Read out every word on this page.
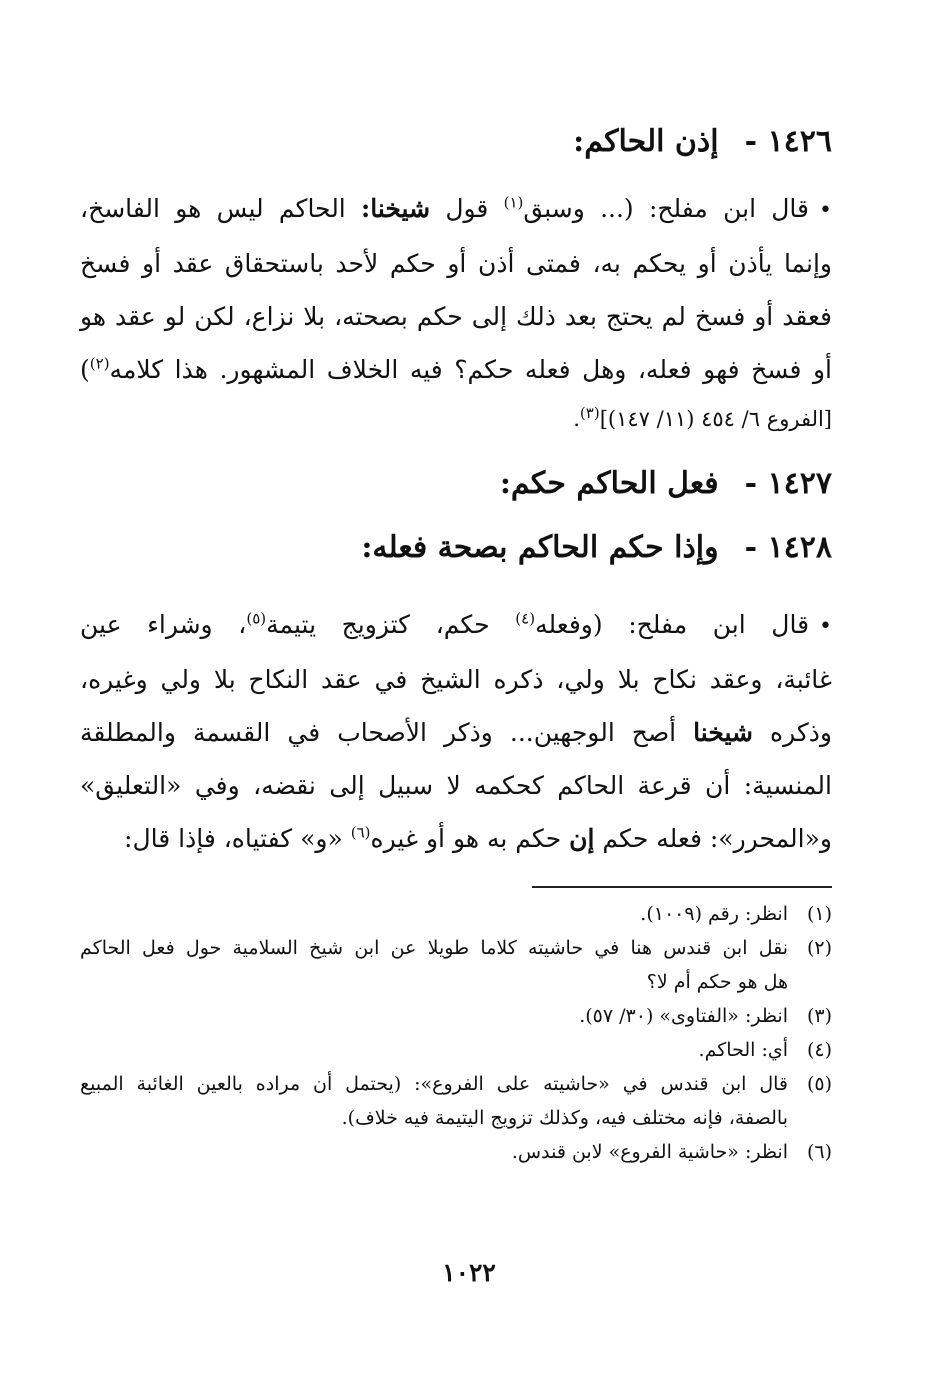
١٤٢٦ -إذن الحاكم:
•قال ابن مفلح: (... وسبق$^{(١)}$ قول شيخنا: الحاكم ليس هو الفاسخ،
وإنما يأذن أو يحكم به، فمتى أذن أو حكم لأحد باستحقاق عقد أو فسخ
فعقد أو فسخ لم يحتج بعد ذلك إلى حكم بصحته، بلا نزاع، لكن لو عقد هو
أو فسخ فهو فعله، وهل فعله حكم؟ فيه الخلاف المشهور. هذا كلامه$^{(٢)}$)
[الفروع ٦/ ٤٥٤ (١١/ ١٤٧)]$^{(٣)}$.
١٤٢٧ -فعل الحاكم حكم:
١٤٢٨ -وإذا حكم الحاكم بصحة فعله:
•قال ابن مفلح: (وفعله$^{(٤)}$ حكم، كتزويج يتيمة$^{(٥)}$، وشراء عين
غائبة، وعقد نكاح بلا ولي، ذكره الشيخ في عقد النكاح بلا ولي وغيره،
وذكره شيخنا أصح الوجهين... وذكر الأصحاب في القسمة والمطلقة
المنسية: أن قرعة الحاكم كحكمه لا سبيل إلى نقضه، وفي «التعليق»
و«المحرر»: فعله حكم إن حكم به هو أو غيره$^{(٦)}$ «و» كفتياه، فإذا قال:
(١)
انظر: رقم (١٠٠٩).
(٢)
نقل ابن قندس هنا في حاشيته كلاما طويلا عن ابن شيخ السلامية حول فعل الحاكم
هل هو حكم أم لا؟
(٣)
انظر: «الفتاوى» (٣٠/ ٥٧).
(٤)
أي: الحاكم.
(٥)
قال ابن قندس في «حاشيته على الفروع»: (يحتمل أن مراده بالعين الغائبة المبيع
بالصفة، فإنه مختلف فيه، وكذلك تزويج اليتيمة فيه خلاف).
(٦)
انظر: «حاشية الفروع» لابن قندس.
١٠٢٢
